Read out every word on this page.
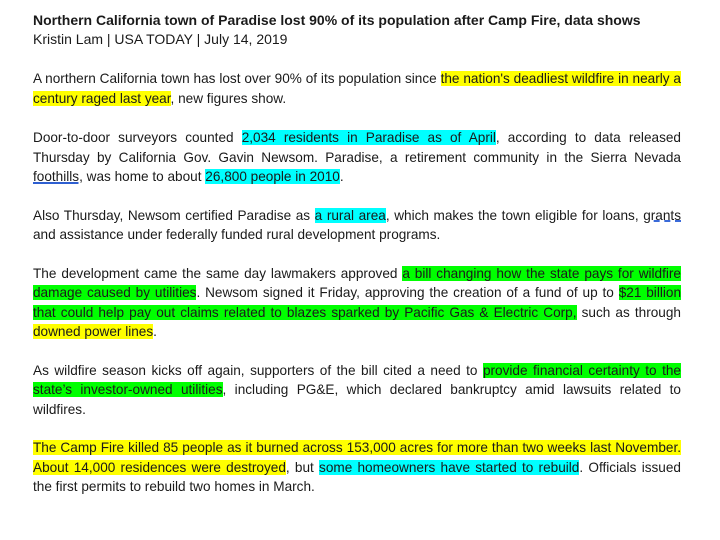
Northern California town of Paradise lost 90% of its population after Camp Fire, data shows
Kristin Lam | USA TODAY | July 14, 2019

A northern California town has lost over 90% of its population since the nation's deadliest wildfire in nearly a century raged last year, new figures show.

Door-to-door surveyors counted 2,034 residents in Paradise as of April, according to data released Thursday by California Gov. Gavin Newsom. Paradise, a retirement community in the Sierra Nevada foothills, was home to about 26,800 people in 2010.

Also Thursday, Newsom certified Paradise as a rural area, which makes the town eligible for loans, grants and assistance under federally funded rural development programs.

The development came the same day lawmakers approved a bill changing how the state pays for wildfire damage caused by utilities. Newsom signed it Friday, approving the creation of a fund of up to $21 billion that could help pay out claims related to blazes sparked by Pacific Gas & Electric Corp, such as through downed power lines.

As wildfire season kicks off again, supporters of the bill cited a need to provide financial certainty to the state’s investor-owned utilities, including PG&E, which declared bankruptcy amid lawsuits related to wildfires.

The Camp Fire killed 85 people as it burned across 153,000 acres for more than two weeks last November. About 14,000 residences were destroyed, but some homeowners have started to rebuild. Officials issued the first permits to rebuild two homes in March.
